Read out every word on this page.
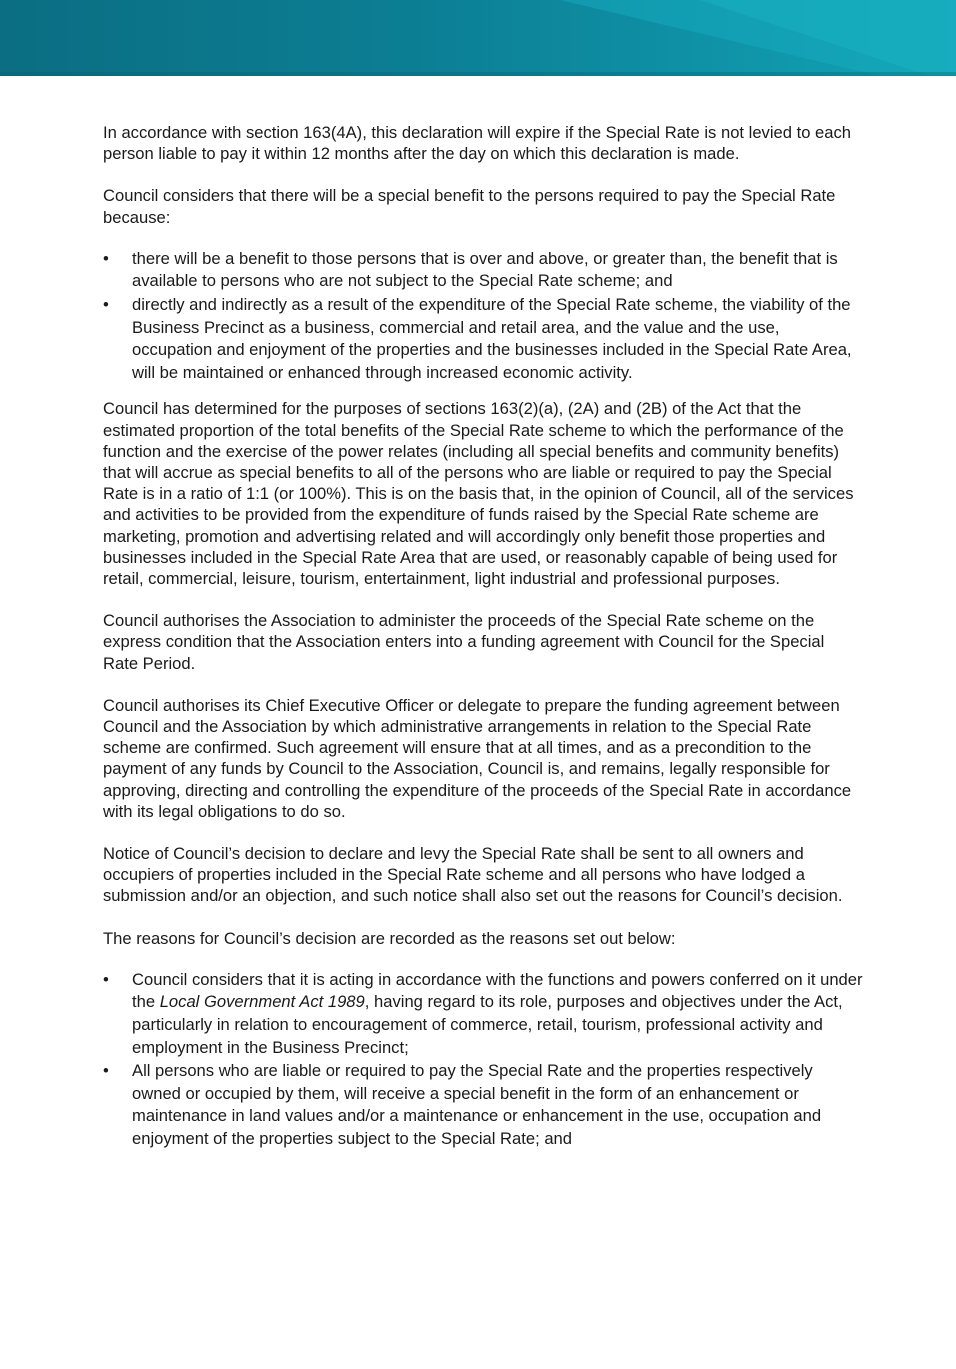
In accordance with section 163(4A), this declaration will expire if the Special Rate is not levied to each person liable to pay it within 12 months after the day on which this declaration is made.

Council considers that there will be a special benefit to the persons required to pay the Special Rate because:

• there will be a benefit to those persons that is over and above, or greater than, the benefit that is available to persons who are not subject to the Special Rate scheme; and
• directly and indirectly as a result of the expenditure of the Special Rate scheme, the viability of the Business Precinct as a business, commercial and retail area, and the value and the use, occupation and enjoyment of the properties and the businesses included in the Special Rate Area, will be maintained or enhanced through increased economic activity.

Council has determined for the purposes of sections 163(2)(a), (2A) and (2B) of the Act that the estimated proportion of the total benefits of the Special Rate scheme to which the performance of the function and the exercise of the power relates (including all special benefits and community benefits) that will accrue as special benefits to all of the persons who are liable or required to pay the Special Rate is in a ratio of 1:1 (or 100%). This is on the basis that, in the opinion of Council, all of the services and activities to be provided from the expenditure of funds raised by the Special Rate scheme are marketing, promotion and advertising related and will accordingly only benefit those properties and businesses included in the Special Rate Area that are used, or reasonably capable of being used for retail, commercial, leisure, tourism, entertainment, light industrial and professional purposes.

Council authorises the Association to administer the proceeds of the Special Rate scheme on the express condition that the Association enters into a funding agreement with Council for the Special Rate Period.

Council authorises its Chief Executive Officer or delegate to prepare the funding agreement between Council and the Association by which administrative arrangements in relation to the Special Rate scheme are confirmed. Such agreement will ensure that at all times, and as a precondition to the payment of any funds by Council to the Association, Council is, and remains, legally responsible for approving, directing and controlling the expenditure of the proceeds of the Special Rate in accordance with its legal obligations to do so.

Notice of Council’s decision to declare and levy the Special Rate shall be sent to all owners and occupiers of properties included in the Special Rate scheme and all persons who have lodged a submission and/or an objection, and such notice shall also set out the reasons for Council’s decision.

The reasons for Council’s decision are recorded as the reasons set out below:

• Council considers that it is acting in accordance with the functions and powers conferred on it under the Local Government Act 1989, having regard to its role, purposes and objectives under the Act, particularly in relation to encouragement of commerce, retail, tourism, professional activity and employment in the Business Precinct;
• All persons who are liable or required to pay the Special Rate and the properties respectively owned or occupied by them, will receive a special benefit in the form of an enhancement or maintenance in land values and/or a maintenance or enhancement in the use, occupation and enjoyment of the properties subject to the Special Rate; and
